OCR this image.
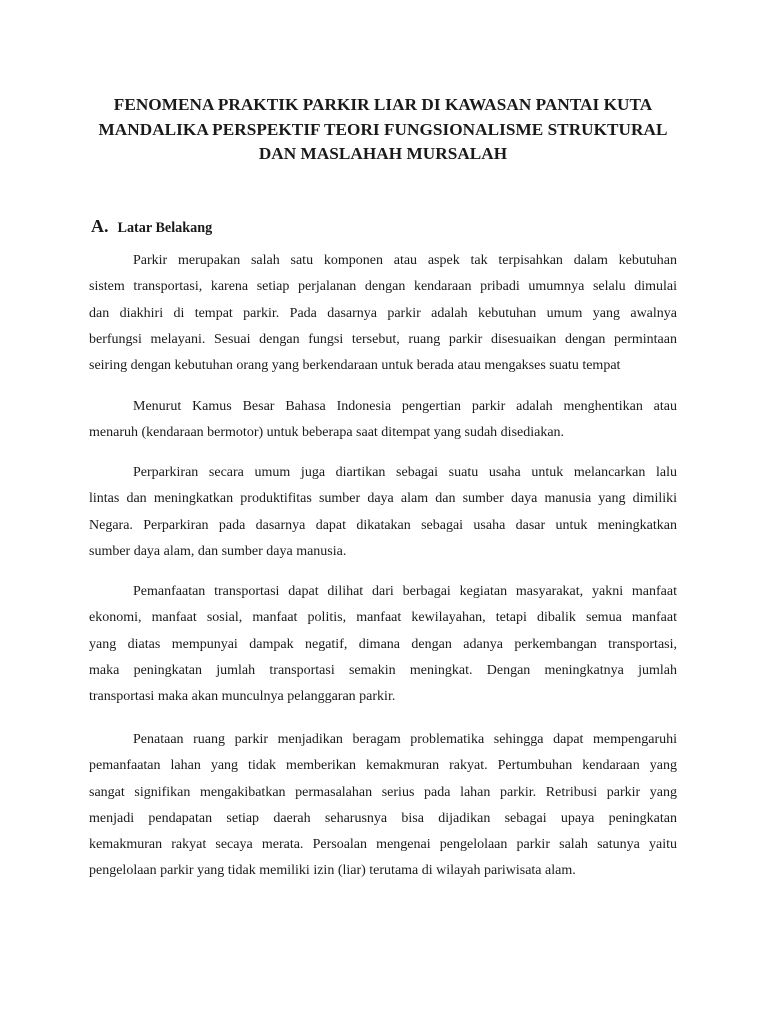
FENOMENA PRAKTIK PARKIR LIAR DI KAWASAN PANTAI KUTA
MANDALIKA PERSPEKTIF TEORI FUNGSIONALISME STRUKTURAL
DAN MASLAHAH MURSALAH
A. Latar Belakang
Parkir merupakan salah satu komponen atau aspek tak terpisahkan dalam kebutuhan
sistem transportasi, karena setiap perjalanan dengan kendaraan pribadi umumnya selalu dimulai
dan diakhiri di tempat parkir. Pada dasarnya parkir adalah kebutuhan umum yang awalnya
berfungsi melayani. Sesuai dengan fungsi tersebut, ruang parkir disesuaikan dengan permintaan
seiring dengan kebutuhan orang yang berkendaraan untuk berada atau mengakses suatu tempat
Menurut Kamus Besar Bahasa Indonesia pengertian parkir adalah menghentikan atau
menaruh (kendaraan bermotor) untuk beberapa saat ditempat yang sudah disediakan.
Perparkiran secara umum juga diartikan sebagai suatu usaha untuk melancarkan lalu
lintas dan meningkatkan produktifitas sumber daya alam dan sumber daya manusia yang dimiliki
Negara. Perparkiran pada dasarnya dapat dikatakan sebagai usaha dasar untuk meningkatkan
sumber daya alam, dan sumber daya manusia.
Pemanfaatan transportasi dapat dilihat dari berbagai kegiatan masyarakat, yakni manfaat
ekonomi, manfaat sosial, manfaat politis, manfaat kewilayahan, tetapi dibalik semua manfaat
yang diatas mempunyai dampak negatif, dimana dengan adanya perkembangan transportasi,
maka peningkatan jumlah transportasi semakin meningkat. Dengan meningkatnya jumlah
transportasi maka akan munculnya pelanggaran parkir.
Penataan ruang parkir menjadikan beragam problematika sehingga dapat mempengaruhi
pemanfaatan lahan yang tidak memberikan kemakmuran rakyat. Pertumbuhan kendaraan yang
sangat signifikan mengakibatkan permasalahan serius pada lahan parkir. Retribusi parkir yang
menjadi pendapatan setiap daerah seharusnya bisa dijadikan sebagai upaya peningkatan
kemakmuran rakyat secaya merata. Persoalan mengenai pengelolaan parkir salah satunya yaitu
pengelolaan parkir yang tidak memiliki izin (liar) terutama di wilayah pariwisata alam.
